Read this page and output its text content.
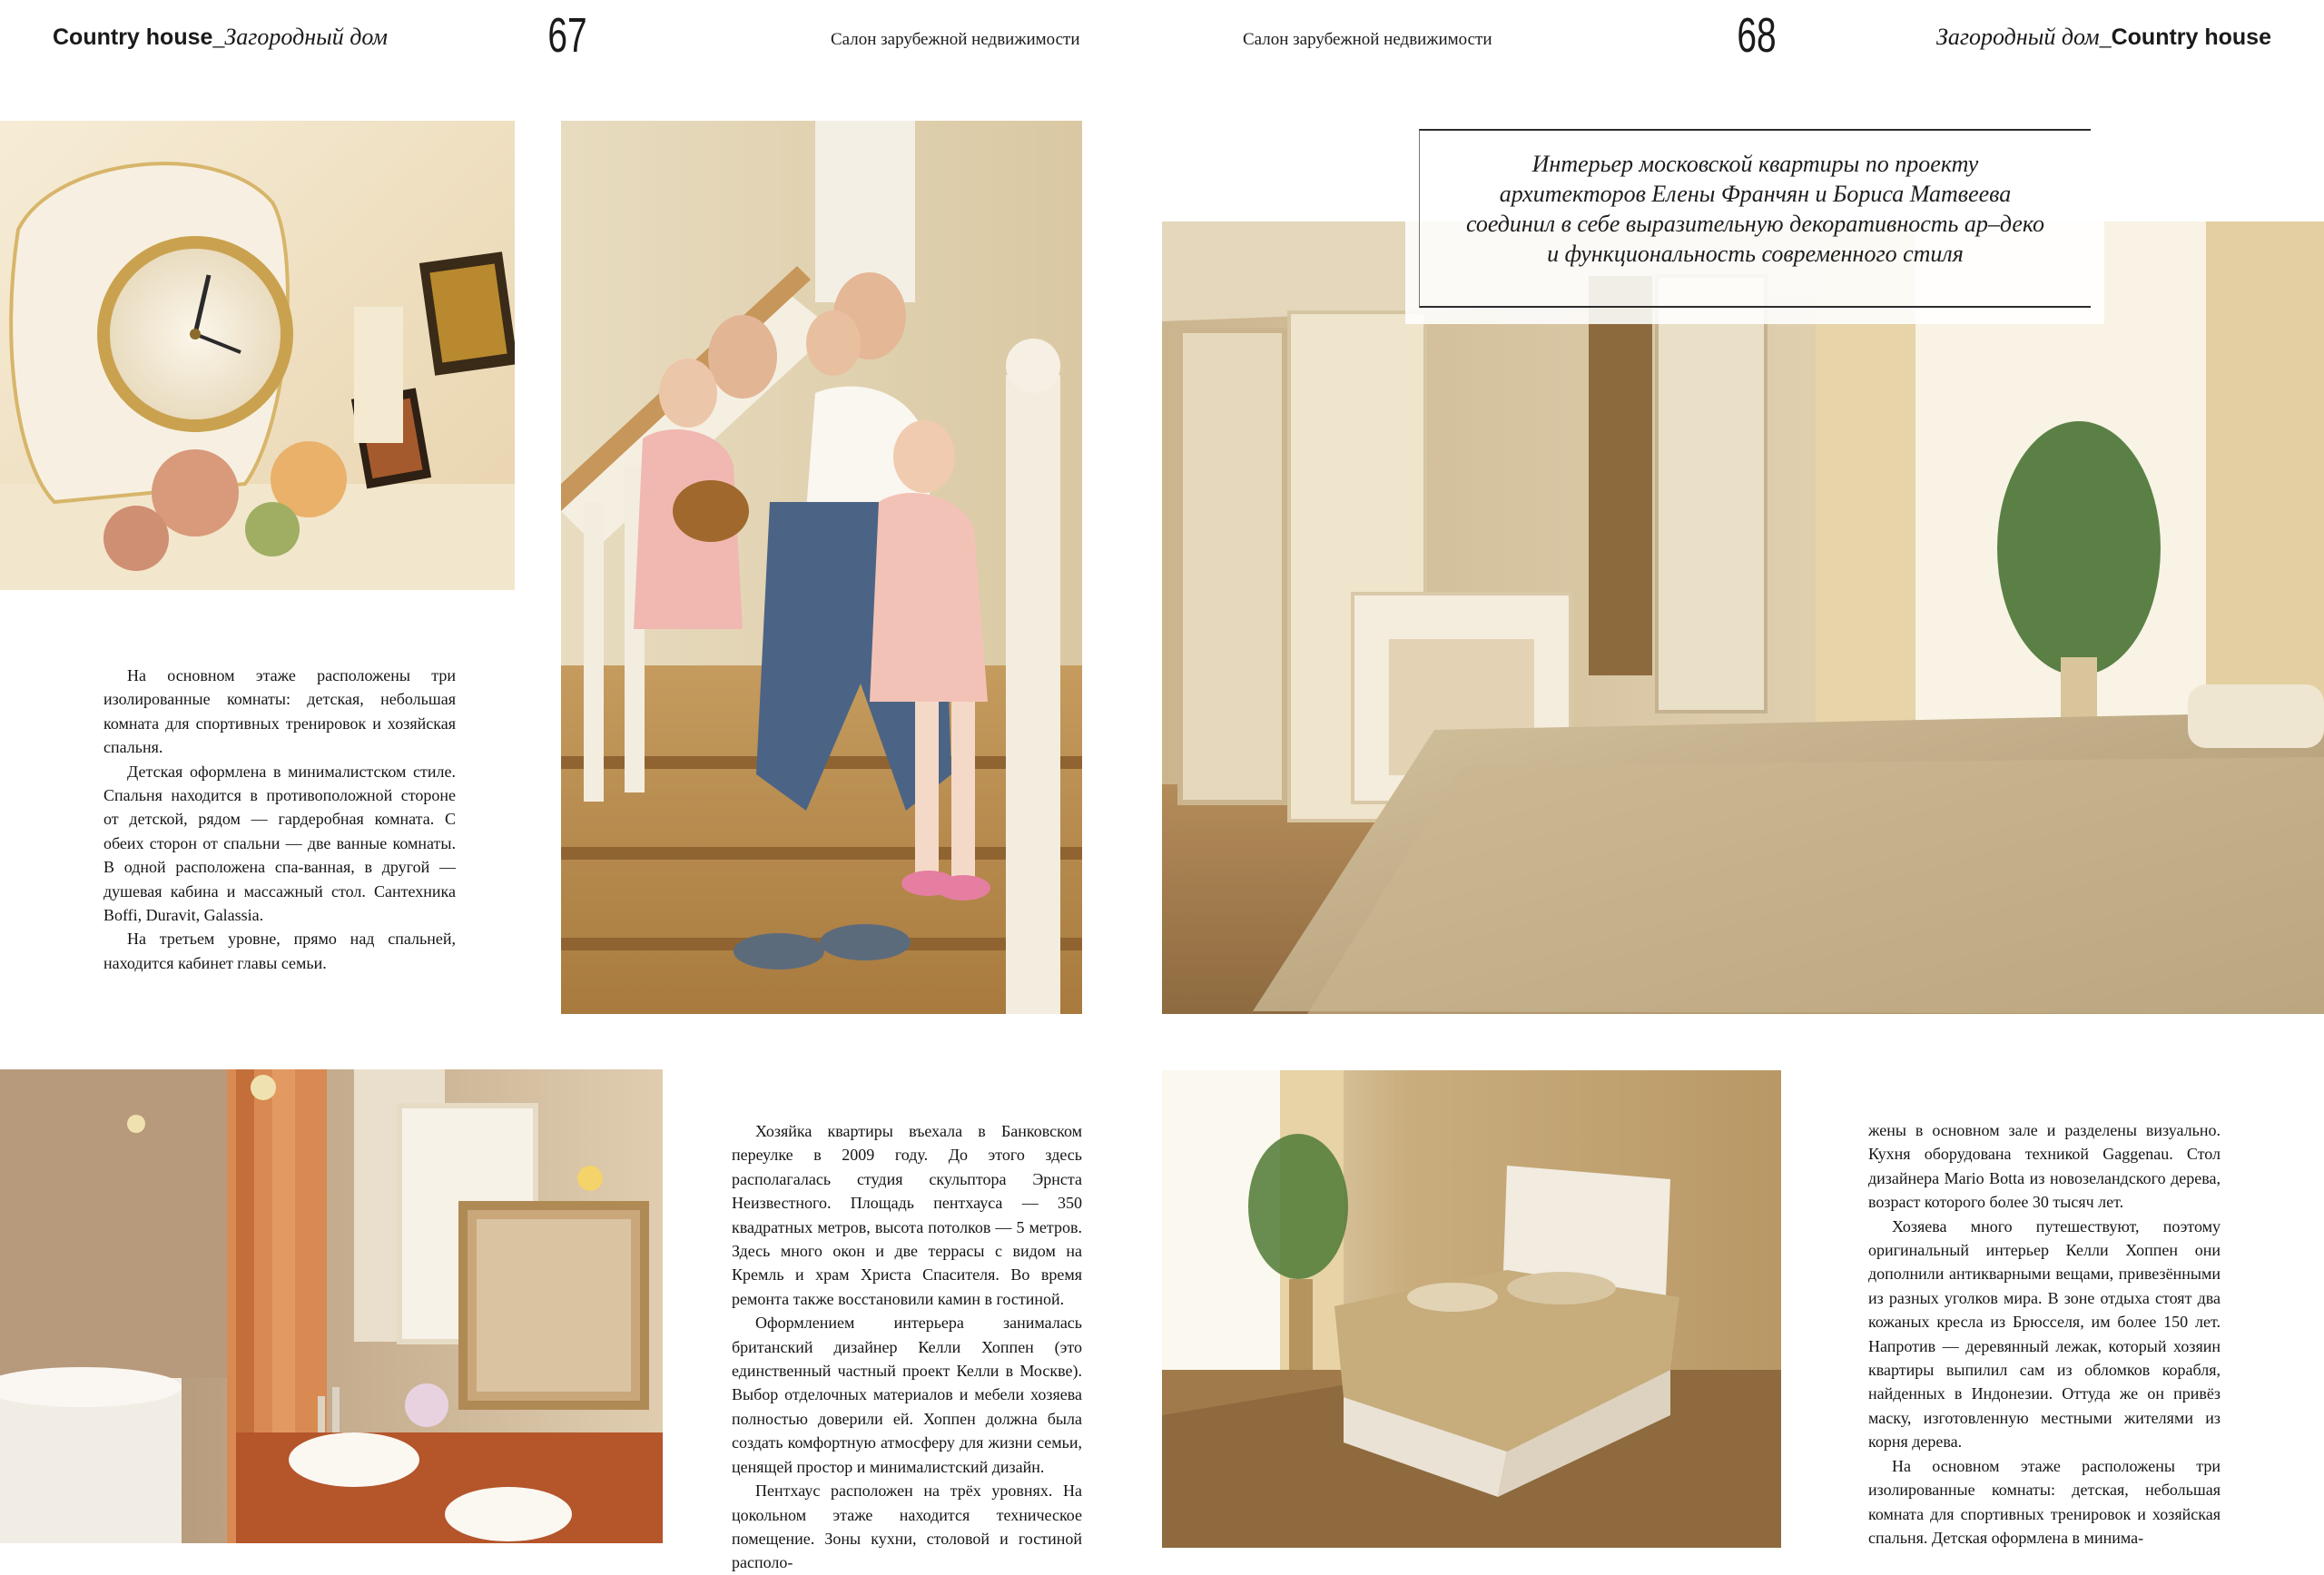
Country house_Загородный дом	67	Салон зарубежной недвижимости	Салон зарубежной недвижимости	68	Загородный дом_Country house
Интерьер московской квартиры по проекту
архитекторов Елены Франчян и Бориса Матвеева
соединил в себе выразительную декоративность ар–деко
и функциональность современного стиля

На основном этаже расположены три изолированные комнаты: детская, небольшая комната для спортивных тренировок и хозяйская спальня.

Детская оформлена в минималистском стиле. Спальня находится в противоположной стороне от детской, рядом — гардеробная комната. С обеих сторон от спальни — две ванные комнаты. В одной расположена спа-ванная, в другой — душевая кабина и массажный стол. Сантехника Boffi, Duravit, Galassia.

На третьем уровне, прямо над спальней, находится кабинет главы семьи.

Хозяйка квартиры въехала в Банковском переулке в 2009 году. До этого здесь располагалась студия скульптора Эрнста Неизвестного. Площадь пентхауса — 350 квадратных метров, высота потолков — 5 метров. Здесь много окон и две террасы с видом на Кремль и храм Христа Спасителя. Во время ремонта также восстановили камин в гостиной.

Оформлением интерьера занималась британский дизайнер Келли Хоппен (это единственный частный проект Келли в Москве). Выбор отделочных материалов и мебели хозяева полностью доверили ей. Хоппен должна была создать комфортную атмосферу для жизни семьи, ценящей простор и минималистский дизайн.

Пентхаус расположен на трёх уровнях. На цокольном этаже находится техническое помещение. Зоны кухни, столовой и гостиной располо-

жены в основном зале и разделены визуально. Кухня оборудована техникой Gaggenau. Стол дизайнера Mario Botta из новозеландского дерева, возраст которого более 30 тысяч лет.

Хозяева много путешествуют, поэтому оригинальный интерьер Келли Хоппен они дополнили антикварными вещами, привезёнными из разных уголков мира. В зоне отдыха стоят два кожаных кресла из Брюсселя, им более 150 лет. Напротив — деревянный лежак, который хозяин квартиры выпилил сам из обломков корабля, найденных в Индонезии. Оттуда же он привёз маску, изготовленную местными жителями из корня дерева.

На основном этаже расположены три изолированные комнаты: детская, небольшая комната для спортивных тренировок и хозяйская спальня. Детская оформлена в минима-
